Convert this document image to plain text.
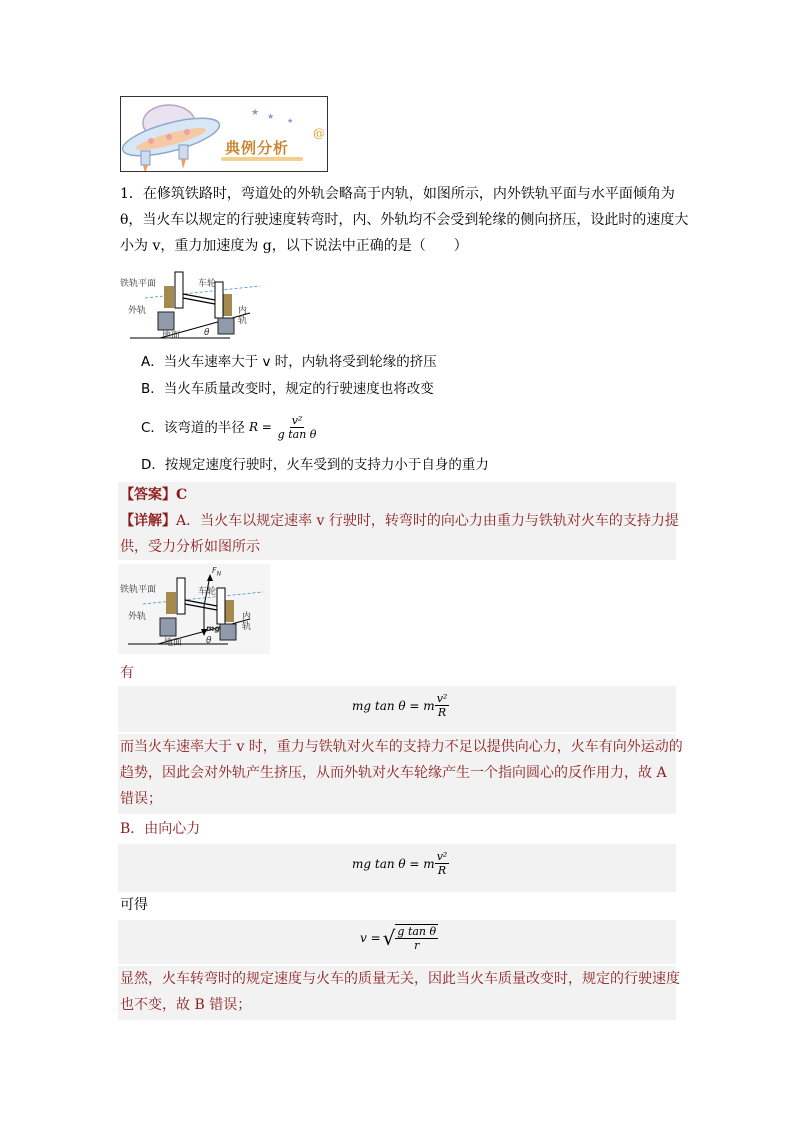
★ ★ ★
@
典例分析
1．在修筑铁路时，弯道处的外轨会略高于内轨，如图所示，内外铁轨平面与水平面倾角为
θ，当火车以规定的行驶速度转弯时，内、外轨均不会受到轮缘的侧向挤压，设此时的速度大
小为 v，重力加速度为 g，以下说法中正确的是（　　）
铁轨平面	车轮
外轨	内轨
地面	θ
A．当火车速率大于 v 时，内轨将受到轮缘的挤压
B．当火车质量改变时，规定的行驶速度也将改变
C．该弯道的半径 $R = \frac{\text{v²}}{\text{g tan θ}}$
D．按规定速度行驶时，火车受到的支持力小于自身的重力
【答案】C
【详解】A．当火车以规定速率 v 行驶时，转弯时的向心力由重力与铁轨对火车的支持力提
供，受力分析如图所示
铁轨平面	车轮
外轨	内轨
地面	θ
$F_N$
mg
有
mg tan θ = m $\frac{\text{v²}}{R}$
而当火车速率大于 v 时，重力与铁轨对火车的支持力不足以提供向心力，火车有向外运动的
趋势，因此会对外轨产生挤压，从而外轨对火车轮缘产生一个指向圆心的反作用力，故 A
错误；
B．由向心力
mg tan θ = m $\frac{\text{v²}}{R}$
可得
v = √ $\frac{\text{g tan θ}}{r}$
显然，火车转弯时的规定速度与火车的质量无关，因此当火车质量改变时，规定的行驶速度
也不变，故 B 错误；
